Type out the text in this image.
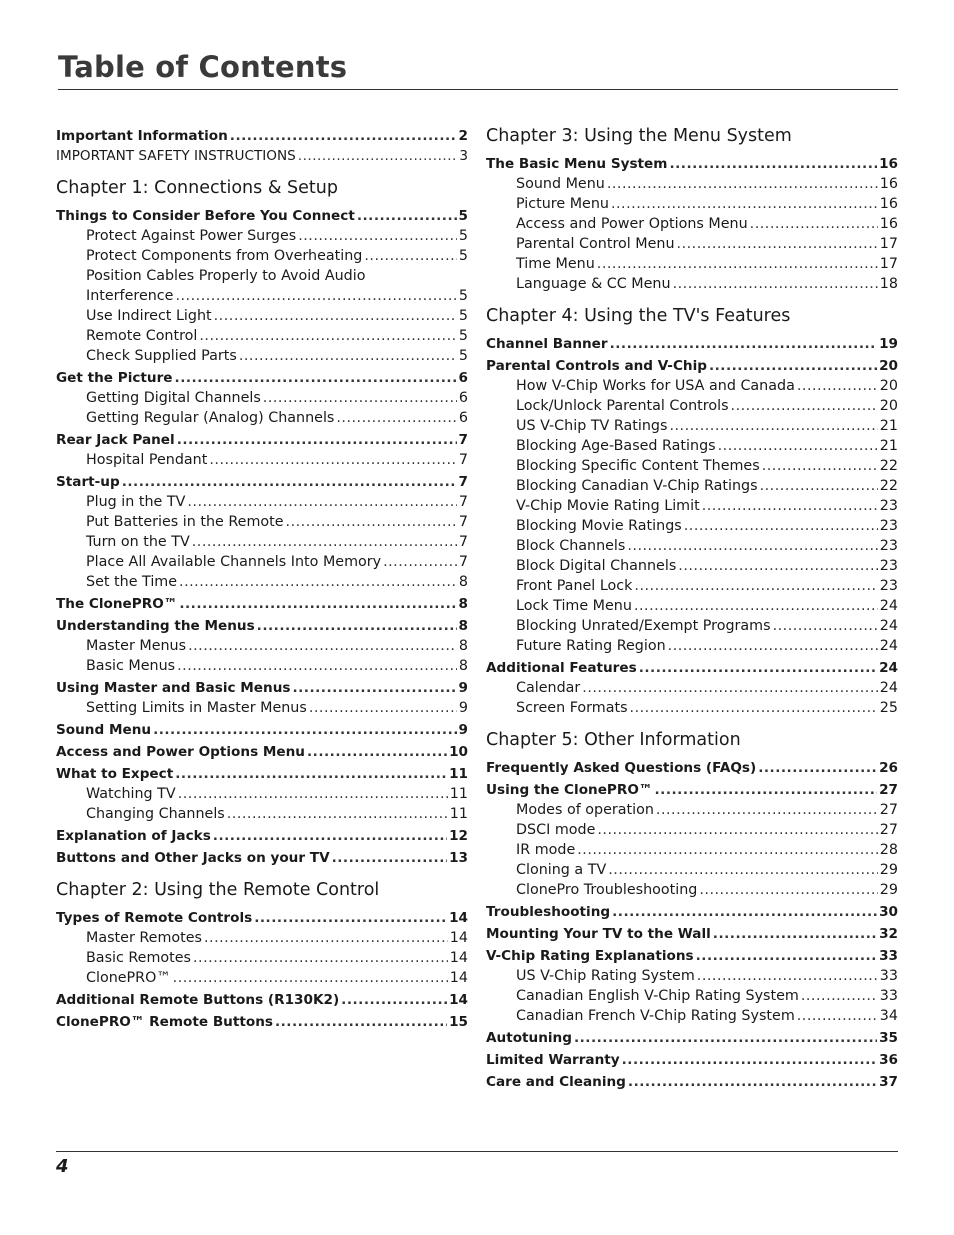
Table of Contents
Important Information .....	2
IMPORTANT SAFETY INSTRUCTIONS .....	3
Chapter 1: Connections & Setup
Things to Consider Before You Connect .....	5
Protect Against Power Surges .....	5
Protect Components from Overheating .....	5
Position Cables Properly to Avoid Audio
Interference .....	5
Use Indirect Light .....	5
Remote Control .....	5
Check Supplied Parts .....	5
Get the Picture .....	6
Getting Digital Channels .....	6
Getting Regular (Analog) Channels .....	6
Rear Jack Panel .....	7
Hospital Pendant .....	7
Start-up .....	7
Plug in the TV .....	7
Put Batteries in the Remote .....	7
Turn on the TV .....	7
Place All Available Channels Into Memory .....	7
Set the Time .....	8
The ClonePRO™ .....	8
Understanding the Menus .....	8
Master Menus .....	8
Basic Menus .....	8
Using Master and Basic Menus .....	9
Setting Limits in Master Menus .....	9
Sound Menu .....	9
Access and Power Options Menu .....	10
What to Expect .....	11
Watching TV .....	11
Changing Channels .....	11
Explanation of Jacks .....	12
Buttons and Other Jacks on your TV .....	13
Chapter 2: Using the Remote Control
Types of Remote Controls .....	14
Master Remotes .....	14
Basic Remotes .....	14
ClonePRO™ .....	14
Additional Remote Buttons (R130K2) .....	14
ClonePRO™ Remote Buttons .....	15
Chapter 3: Using the Menu System
The Basic Menu System .....	16
Sound Menu .....	16
Picture Menu .....	16
Access and Power Options Menu .....	16
Parental Control Menu .....	17
Time Menu .....	17
Language & CC Menu .....	18
Chapter 4: Using the TV's Features
Channel Banner .....	19
Parental Controls and V-Chip .....	20
How V-Chip Works for USA and Canada .....	20
Lock/Unlock Parental Controls .....	20
US V-Chip TV Ratings .....	21
Blocking Age-Based Ratings .....	21
Blocking Specific Content Themes .....	22
Blocking Canadian V-Chip Ratings .....	22
V-Chip Movie Rating Limit .....	23
Blocking Movie Ratings .....	23
Block Channels .....	23
Block Digital Channels .....	23
Front Panel Lock .....	23
Lock Time Menu .....	24
Blocking Unrated/Exempt Programs .....	24
Future Rating Region .....	24
Additional Features .....	24
Calendar .....	24
Screen Formats .....	25
Chapter 5: Other Information
Frequently Asked Questions (FAQs) .....	26
Using the ClonePRO™ .....	27
Modes of operation .....	27
DSCI mode .....	27
IR mode .....	28
Cloning a TV .....	29
ClonePro Troubleshooting .....	29
Troubleshooting .....	30
Mounting Your TV to the Wall .....	32
V-Chip Rating Explanations .....	33
US V-Chip Rating System .....	33
Canadian English V-Chip Rating System .....	33
Canadian French V-Chip Rating System .....	34
Autotuning .....	35
Limited Warranty .....	36
Care and Cleaning .....	37
4
